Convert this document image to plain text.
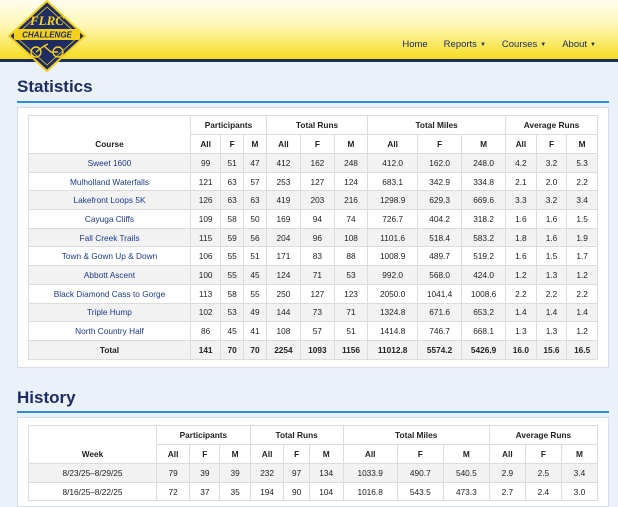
FLRC
CHALLENGE
Home Reports ▼ Courses ▼ About ▼
Statistics
	Participants			Total Runs			Total Miles			Average Runs		
Course	All	F	M	All	F	M	All	F	M	All	F	M
Sweet 1600	99	51	47	412	162	248	412.0	162.0	248.0	4.2	3.2	5.3
Mulholland Waterfalls	121	63	57	253	127	124	683.1	342.9	334.8	2.1	2.0	2.2
Lakefront Loops 5K	126	63	63	419	203	216	1298.9	629.3	669.6	3.3	3.2	3.4
Cayuga Cliffs	109	58	50	169	94	74	726.7	404.2	318.2	1.6	1.6	1.5
Fall Creek Trails	115	59	56	204	96	108	1101.6	518.4	583.2	1.8	1.6	1.9
Town & Gown Up & Down	106	55	51	171	83	88	1008.9	489.7	519.2	1.6	1.5	1.7
Abbott Ascent	100	55	45	124	71	53	992.0	568.0	424.0	1.2	1.3	1.2
Black Diamond Cass to Gorge	113	58	55	250	127	123	2050.0	1041.4	1008.6	2.2	2.2	2.2
Triple Hump	102	53	49	144	73	71	1324.8	671.6	653.2	1.4	1.4	1.4
North Country Half	86	45	41	108	57	51	1414.8	746.7	668.1	1.3	1.3	1.2
Total	141	70	70	2254	1093	1156	11012.8	5574.2	5426.9	16.0	15.6	16.5
History
	Participants			Total Runs			Total Miles			Average Runs		
Week	All	F	M	All	F	M	All	F	M	All	F	M
8/23/25–8/29/25	79	39	39	232	97	134	1033.9	490.7	540.5	2.9	2.5	3.4
8/16/25–8/22/25	72	37	35	194	90	104	1016.8	543.5	473.3	2.7	2.4	3.0
